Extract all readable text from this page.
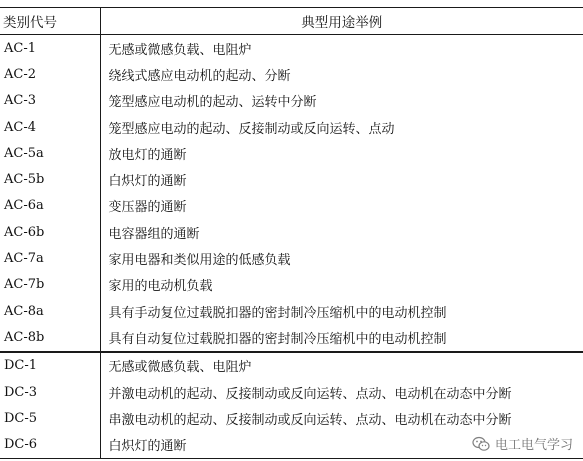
类别代号	典型用途举例
AC-1	无感或微感负载、电阻炉
AC-2	绕线式感应电动机的起动、分断
AC-3	笼型感应电动机的起动、运转中分断
AC-4	笼型感应电动的起动、反接制动或反向运转、点动
AC-5a	放电灯的通断
AC-5b	白炽灯的通断
AC-6a	变压器的通断
AC-6b	电容器组的通断
AC-7a	家用电器和类似用途的低感负载
AC-7b	家用的电动机负载
AC-8a	具有手动复位过载脱扣器的密封制冷压缩机中的电动机控制
AC-8b	具有自动复位过载脱扣器的密封制冷压缩机中的电动机控制
DC-1	无感或微感负载、电阻炉
DC-3	并激电动机的起动、反接制动或反向运转、点动、电动机在动态中分断
DC-5	串激电动机的起动、反接制动或反向运转、点动、电动机在动态中分断
DC-6	白炽灯的通断	电工电气学习
